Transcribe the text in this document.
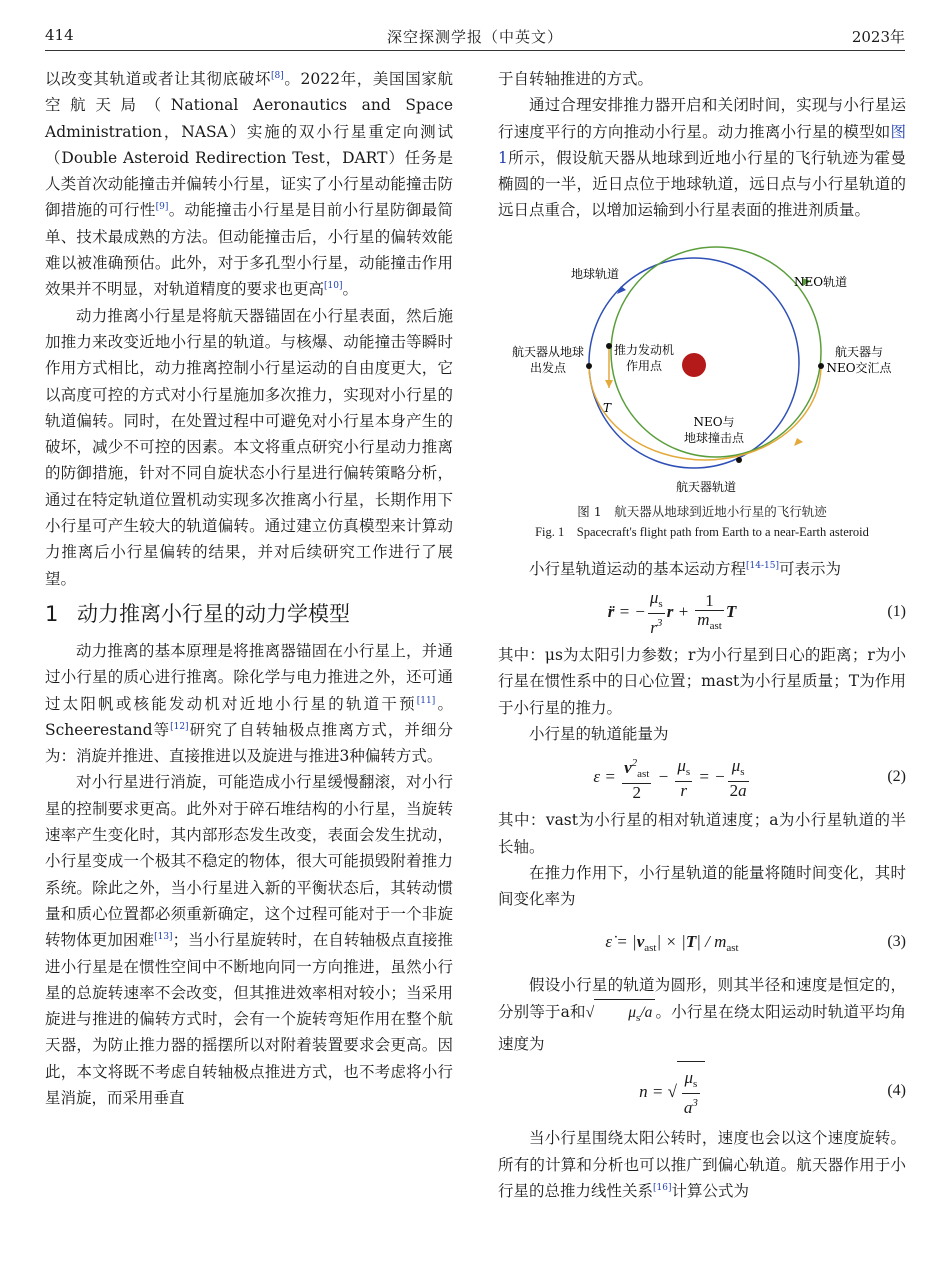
414	深空探测学报（中英文）	2023年

以改变其轨道或者让其彻底破坏[8]。2022年，美国国家航空航天局（National Aeronautics and Space Administration，NASA）实施的双小行星重定向测试（Double Asteroid Redirection Test，DART）任务是人类首次动能撞击并偏转小行星，证实了小行星动能撞击防御措施的可行性[9]。动能撞击小行星是目前小行星防御最简单、技术最成熟的方法。但动能撞击后，小行星的偏转效能难以被准确预估。此外，对于多孔型小行星，动能撞击作用效果并不明显，对轨道精度的要求也更高[10]。

动力推离小行星是将航天器锚固在小行星表面，然后施加推力来改变近地小行星的轨道。与核爆、动能撞击等瞬时作用方式相比，动力推离控制小行星运动的自由度更大，它以高度可控的方式对小行星施加多次推力，实现对小行星的轨道偏转。同时，在处置过程中可避免对小行星本身产生的破坏，减少不可控的因素。本文将重点研究小行星动力推离的防御措施，针对不同自旋状态小行星进行偏转策略分析，通过在特定轨道位置机动实现多次推离小行星，长期作用下小行星可产生较大的轨道偏转。通过建立仿真模型来计算动力推离后小行星偏转的结果，并对后续研究工作进行了展望。

1 动力推离小行星的动力学模型

动力推离的基本原理是将推离器锚固在小行星上，并通过小行星的质心进行推离。除化学与电力推进之外，还可通过太阳帆或核能发动机对近地小行星的轨道干预[11]。Scheerestand等[12]研究了自转轴极点推离方式，并细分为：消旋并推进、直接推进以及旋进与推进3种偏转方式。

对小行星进行消旋，可能造成小行星缓慢翻滚，对小行星的控制要求更高。此外对于碎石堆结构的小行星，当旋转速率产生变化时，其内部形态发生改变，表面会发生扰动，小行星变成一个极其不稳定的物体，很大可能损毁附着推力系统。除此之外，当小行星进入新的平衡状态后，其转动惯量和质心位置都必须重新确定，这个过程可能对于一个非旋转物体更加困难[13]；当小行星旋转时，在自转轴极点直接推进小行星是在惯性空间中不断地向同一方向推进，虽然小行星的总旋转速率不会改变，但其推进效率相对较小；当采用旋进与推进的偏转方式时，会有一个旋转弯矩作用在整个航天器，为防止推力器的摇摆所以对附着装置要求会更高。因此，本文将既不考虑自转轴极点推进方式，也不考虑将小行星消旋，而采用垂直

于自转轴推进的方式。

通过合理安排推力器开启和关闭时间，实现与小行星运行速度平行的方向推动小行星。动力推离小行星的模型如图1所示，假设航天器从地球到近地小行星的飞行轨迹为霍曼椭圆的一半，近日点位于地球轨道，远日点与小行星轨道的远日点重合，以增加运输到小行星表面的推进剂质量。

地球轨道
NEO轨道
航天器从地球
出发点
推力发动机
作用点
航天器与
NEO交汇点
T
NEO与
地球撞击点
航天器轨道

图 1　航天器从地球到近地小行星的飞行轨迹

Fig. 1　Spacecraft's flight path from Earth to a near-Earth asteroid

小行星轨道运动的基本运动方程[14-15]可表示为

r̈ = − $\frac{\mu_s}{r^3}$ $r + \frac{1}{m_{ast}}$ T	(1)

其中：μs为太阳引力参数；r为小行星到日心的距离；r为小行星在惯性系中的日心位置；mast为小行星质量；T为作用于小行星的推力。

小行星的轨道能量为

$\varepsilon = \frac{v^2_{ast}}{2} - \frac{\mu_s}{r}$ = − $\frac{\mu_s}{2a}$	(2)

其中：vast为小行星的相对轨道速度；a为小行星轨道的半长轴。

在推力作用下，小行星轨道的能量将随时间变化，其时间变化率为

ε̇ = $|v_{ast}| \times |T| / m_{ast}$	(3)

假设小行星的轨道为圆形，则其半径和速度是恒定的，分别等于a和√ $\mu_s/a$ 。小行星在绕太阳运动时轨道平均角速度为

n = √ $\frac{\mu_s}{a^3}$	(4)

当小行星围绕太阳公转时，速度也会以这个速度旋转。所有的计算和分析也可以推广到偏心轨道。航天器作用于小行星的总推力线性关系[16]计算公式为
